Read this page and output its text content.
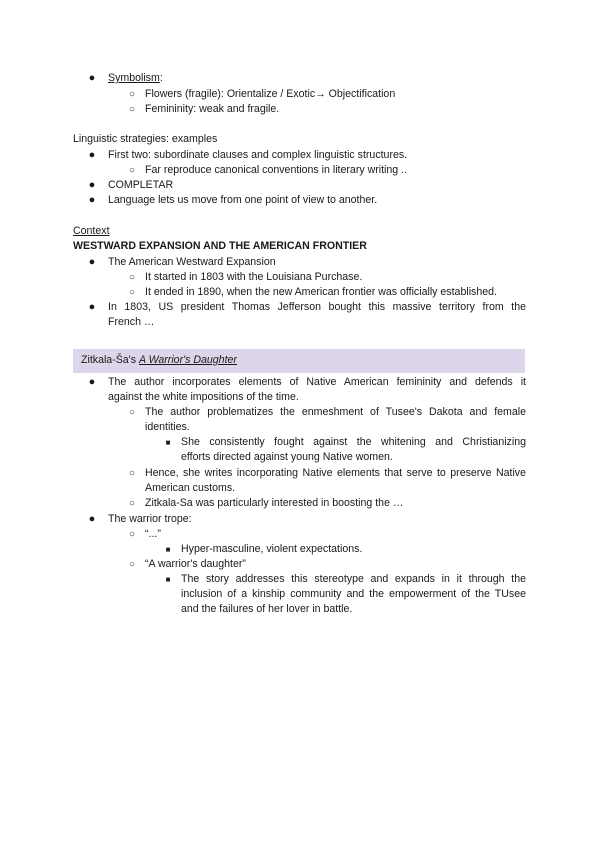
● Symbolism:
○ Flowers (fragile): Orientalize / Exotic→ Objectification
○ Femininity: weak and fragile.
Linguistic strategies: examples
● First two: subordinate clauses and complex linguistic structures.
○ Far reproduce canonical conventions in literary writing ..
● COMPLETAR
● Language lets us move from one point of view to another.
Context
WESTWARD EXPANSION AND THE AMERICAN FRONTIER
● The American Westward Expansion
○ It started in 1803 with the Louisiana Purchase.
○ It ended in 1890, when the new American frontier was officially established.
● In 1803, US president Thomas Jefferson bought this massive territory from the
French …
Zitkala-Ša's A Warrior's Daughter
● The author incorporates elements of Native American femininity and defends it
against the white impositions of the time.
○ The author problematizes the enmeshment of Tusee's Dakota and female
identities.
■ She consistently fought against the whitening and Christianizing
efforts directed against young Native women.
○ Hence, she writes incorporating Native elements that serve to preserve Native
American customs.
○ Zitkala-Sa was particularly interested in boosting the …
● The warrior trope:
○ “...”
■ Hyper-masculine, violent expectations.
○ “A warrior's daughter”
■ The story addresses this stereotype and expands in it through the
inclusion of a kinship community and the empowerment of the TUsee
and the failures of her lover in battle.
